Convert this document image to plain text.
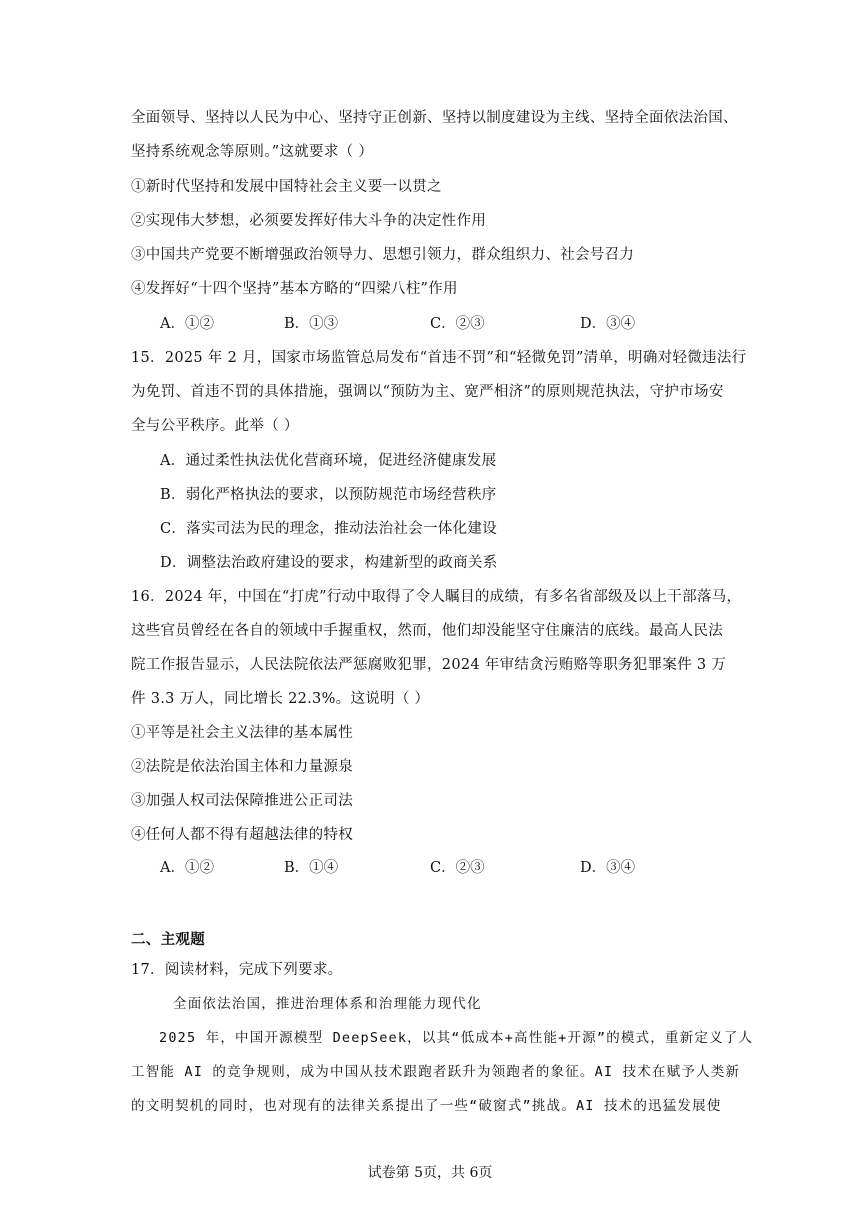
全面领导、坚持以人民为中心、坚持守正创新、坚持以制度建设为主线、坚持全面依法治国、
坚持系统观念等原则。”这就要求（ ）
①新时代坚持和发展中国特社会主义要一以贯之
②实现伟大梦想，必须要发挥好伟大斗争的决定性作用
③中国共产党要不断增强政治领导力、思想引领力，群众组织力、社会号召力
④发挥好“十四个坚持”基本方略的“四梁八柱”作用
A．①②	B．①③	C．②③	D．③④
15．2025 年 2 月，国家市场监管总局发布“首违不罚”和“轻微免罚”清单，明确对轻微违法行
为免罚、首违不罚的具体措施，强调以“预防为主、宽严相济”的原则规范执法，守护市场安
全与公平秩序。此举（ ）
A．通过柔性执法优化营商环境，促进经济健康发展
B．弱化严格执法的要求，以预防规范市场经营秩序
C．落实司法为民的理念，推动法治社会一体化建设
D．调整法治政府建设的要求，构建新型的政商关系
16．2024 年，中国在“打虎”行动中取得了令人瞩目的成绩，有多名省部级及以上干部落马，
这些官员曾经在各自的领域中手握重权，然而，他们却没能坚守住廉洁的底线。最高人民法
院工作报告显示，人民法院依法严惩腐败犯罪，2024 年审结贪污贿赂等职务犯罪案件 3 万
件 3.3 万人，同比增长 22.3%。这说明（ ）
①平等是社会主义法律的基本属性
②法院是依法治国主体和力量源泉
③加强人权司法保障推进公正司法
④任何人都不得有超越法律的特权
A．①②	B．①④	C．②③	D．③④
二、主观题
17．阅读材料，完成下列要求。
全面依法治国，推进治理体系和治理能力现代化
2025 年，中国开源模型 DeepSeek，以其“低成本+高性能+开源”的模式，重新定义了人
工智能 AI 的竞争规则，成为中国从技术跟跑者跃升为领跑者的象征。AI 技术在赋予人类新
的文明契机的同时，也对现有的法律关系提出了一些“破窗式”挑战。AI 技术的迅猛发展使
试卷第 5页，共 6页
